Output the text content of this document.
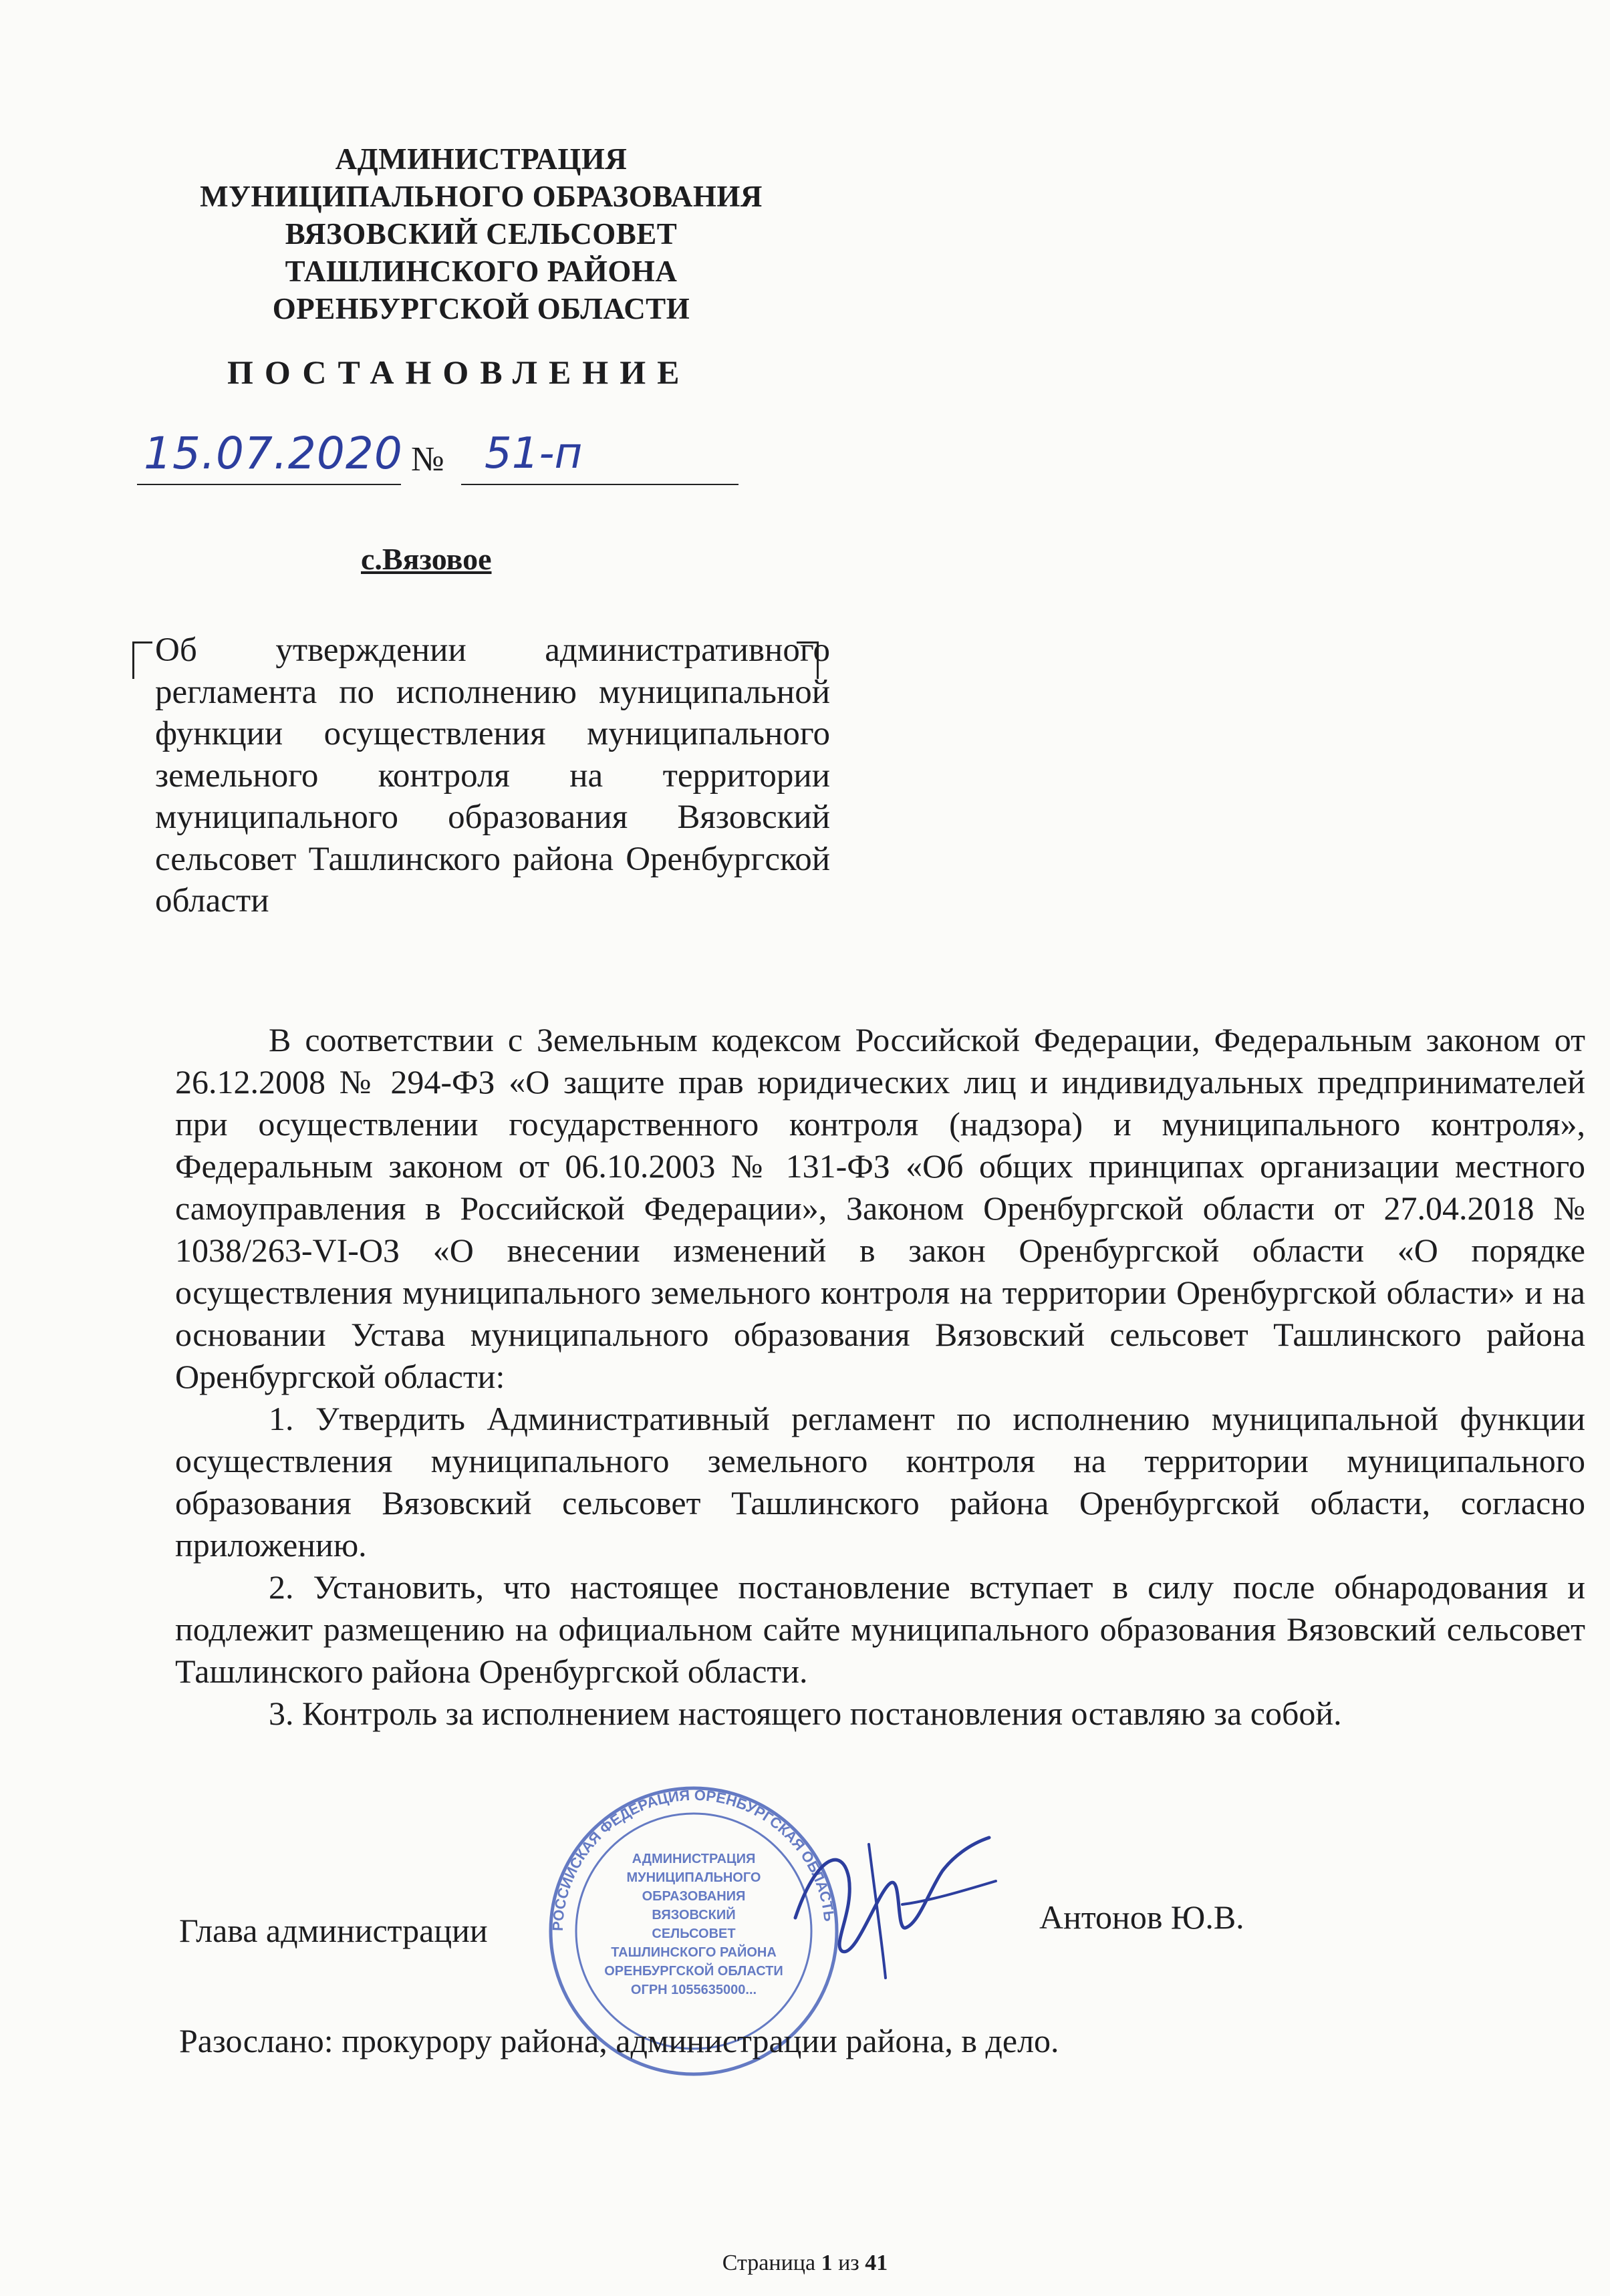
АДМИНИСТРАЦИЯ
МУНИЦИПАЛЬНОГО ОБРАЗОВАНИЯ
ВЯЗОВСКИЙ СЕЛЬСОВЕТ
ТАШЛИНСКОГО РАЙОНА
ОРЕНБУРГСКОЙ ОБЛАСТИ
ПОСТАНОВЛЕНИЕ
15.07.2020 № 51-п
с.Вязовое
Об утверждении административного регламента по исполнению муниципальной функции осуществления муниципального земельного контроля на территории муниципального образования Вязовский сельсовет Ташлинского района Оренбургской области

В соответствии с Земельным кодексом Российской Федерации, Федеральным законом от 26.12.2008 № 294-ФЗ «О защите прав юридических лиц и индивидуальных предпринимателей при осуществлении государственного контроля (надзора) и муниципального контроля», Федеральным законом от 06.10.2003 № 131-ФЗ «Об общих принципах организации местного самоуправления в Российской Федерации», Законом Оренбургской области от 27.04.2018 № 1038/263-VI-ОЗ «О внесении изменений в закон Оренбургской области «О порядке осуществления муниципального земельного контроля на территории Оренбургской области» и на основании Устава муниципального образования Вязовский сельсовет Ташлинского района Оренбургской области:

1. Утвердить Административный регламент по исполнению муниципальной функции осуществления муниципального земельного контроля на территории муниципального образования Вязовский сельсовет Ташлинского района Оренбургской области, согласно приложению.

2. Установить, что настоящее постановление вступает в силу после обнародования и подлежит размещению на официальном сайте муниципального образования Вязовский сельсовет Ташлинского района Оренбургской области.

3. Контроль за исполнением настоящего постановления оставляю за собой.

Глава администрации	Антонов Ю.В.
РОССИЙСКАЯ ФЕДЕРАЦИЯ ОРЕНБУРГСКАЯ ОБЛАСТЬ
АДМИНИСТРАЦИЯ
МУНИЦИПАЛЬНОГО
ОБРАЗОВАНИЯ
ВЯЗОВСКИЙ
СЕЛЬСОВЕТ
ТАШЛИНСКОГО РАЙОНА
ОРЕНБУРГСКОЙ ОБЛАСТИ
ОГРН 1055635000...
Разослано: прокурору района, администрации района, в дело.
Страница 1 из 41
